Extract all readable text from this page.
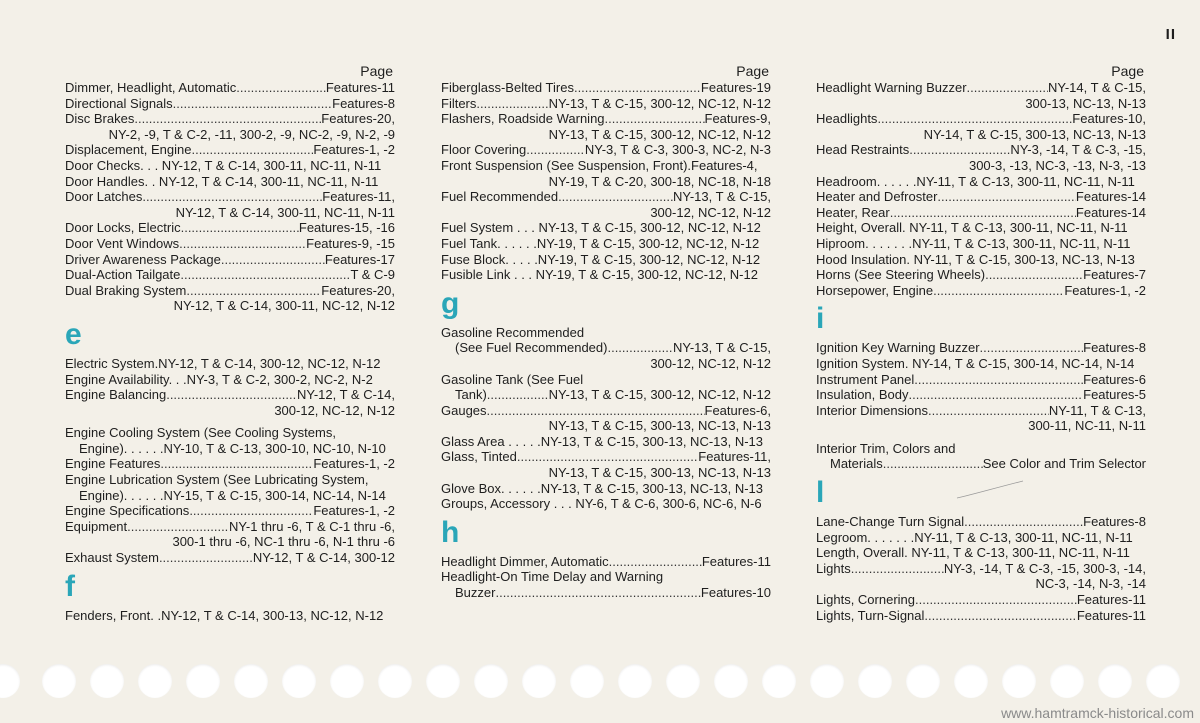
II
Page
Dimmer, Headlight, Automatic .....	Features-11
Directional Signals .....	Features-8
Disc Brakes .....	Features-20,
NY-2, -9, T & C-2, -11, 300-2, -9, NC-2, -9, N-2, -9
Displacement, Engine .....	Features-1, -2
Door Checks. . . NY-12, T & C-14, 300-11, NC-11, N-11
Door Handles. . NY-12, T & C-14, 300-11, NC-11, N-11
Door Latches .....	Features-11,
NY-12, T & C-14, 300-11, NC-11, N-11
Door Locks, Electric .....	Features-15, -16
Door Vent Windows .....	Features-9, -15
Driver Awareness Package .....	Features-17
Dual-Action Tailgate .....	T & C-9
Dual Braking System .....	Features-20,
NY-12, T & C-14, 300-11, NC-12, N-12
e
Electric System.NY-12, T & C-14, 300-12, NC-12, N-12
Engine Availability. . .NY-3, T & C-2, 300-2, NC-2, N-2
Engine Balancing .....	NY-12, T & C-14,
300-12, NC-12, N-12
Engine Cooling System (See Cooling Systems,
Engine). . . . . .NY-10, T & C-13, 300-10, NC-10, N-10
Engine Features .....	Features-1, -2
Engine Lubrication System (See Lubricating System,
Engine). . . . . .NY-15, T & C-15, 300-14, NC-14, N-14
Engine Specifications .....	Features-1, -2
Equipment .....	NY-1 thru -6, T & C-1 thru -6,
300-1 thru -6, NC-1 thru -6, N-1 thru -6
Exhaust System .....	NY-12, T & C-14, 300-12
f
Fenders, Front. .NY-12, T & C-14, 300-13, NC-12, N-12
Page
Fiberglass-Belted Tires .....	Features-19
Filters .....	NY-13, T & C-15, 300-12, NC-12, N-12
Flashers, Roadside Warning .....	Features-9,
NY-13, T & C-15, 300-12, NC-12, N-12
Floor Covering .....	NY-3, T & C-3, 300-3, NC-2, N-3
Front Suspension (See Suspension, Front).Features-4,
NY-19, T & C-20, 300-18, NC-18, N-18
Fuel Recommended .....	NY-13, T & C-15,
300-12, NC-12, N-12
Fuel System . . . NY-13, T & C-15, 300-12, NC-12, N-12
Fuel Tank. . . . . .NY-19, T & C-15, 300-12, NC-12, N-12
Fuse Block. . . . .NY-19, T & C-15, 300-12, NC-12, N-12
Fusible Link . . . NY-19, T & C-15, 300-12, NC-12, N-12
g
Gasoline Recommended
(See Fuel Recommended) .....	NY-13, T & C-15,
300-12, NC-12, N-12
Gasoline Tank (See Fuel
Tank) .....	NY-13, T & C-15, 300-12, NC-12, N-12
Gauges .....	Features-6,
NY-13, T & C-15, 300-13, NC-13, N-13
Glass Area . . . . .NY-13, T & C-15, 300-13, NC-13, N-13
Glass, Tinted .....	Features-11,
NY-13, T & C-15, 300-13, NC-13, N-13
Glove Box. . . . . .NY-13, T & C-15, 300-13, NC-13, N-13
Groups, Accessory . . . NY-6, T & C-6, 300-6, NC-6, N-6
h
Headlight Dimmer, Automatic .....	Features-11
Headlight-On Time Delay and Warning
Buzzer .....	Features-10
Page
Headlight Warning Buzzer .....	NY-14, T & C-15,
300-13, NC-13, N-13
Headlights .....	Features-10,
NY-14, T & C-15, 300-13, NC-13, N-13
Head Restraints .....	NY-3, -14, T & C-3, -15,
300-3, -13, NC-3, -13, N-3, -13
Headroom. . . . . .NY-11, T & C-13, 300-11, NC-11, N-11
Heater and Defroster .....	Features-14
Heater, Rear .....	Features-14
Height, Overall. NY-11, T & C-13, 300-11, NC-11, N-11
Hiproom. . . . . . .NY-11, T & C-13, 300-11, NC-11, N-11
Hood Insulation. NY-11, T & C-15, 300-13, NC-13, N-13
Horns (See Steering Wheels) .....	Features-7
Horsepower, Engine .....	Features-1, -2
i
Ignition Key Warning Buzzer .....	Features-8
Ignition System. NY-14, T & C-15, 300-14, NC-14, N-14
Instrument Panel .....	Features-6
Insulation, Body .....	Features-5
Interior Dimensions .....	NY-11, T & C-13,
300-11, NC-11, N-11
Interior Trim, Colors and
Materials .....	See Color and Trim Selector
l
Lane-Change Turn Signal .....	Features-8
Legroom. . . . . . .NY-11, T & C-13, 300-11, NC-11, N-11
Length, Overall. NY-11, T & C-13, 300-11, NC-11, N-11
Lights .....	NY-3, -14, T & C-3, -15, 300-3, -14,
NC-3, -14, N-3, -14
Lights, Cornering .....	Features-11
Lights, Turn-Signal .....	Features-11
www.hamtramck-historical.com
